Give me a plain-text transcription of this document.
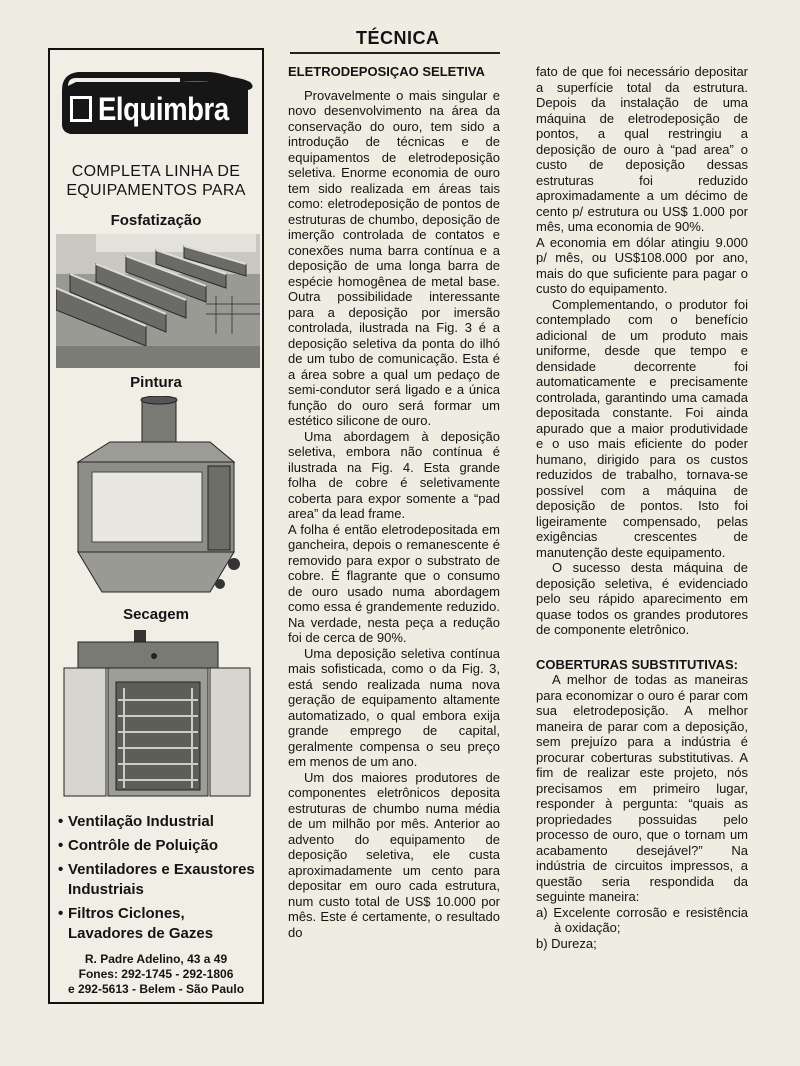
Elquimbra
COMPLETA LINHA DE EQUIPAMENTOS PARA
Fosfatização
Pintura
Secagem
• Ventilação Industrial
• Contrôle de Poluição
• Ventiladores e Exaustores
Industriais
• Filtros Ciclones,
Lavadores de Gazes
R. Padre Adelino, 43 a 49
Fones: 292-1745 - 292-1806
e 292-5613 - Belem - São Paulo
TÉCNICA
ELETRODEPOSIÇAO SELETIVA

Provavelmente o mais singular e novo desenvolvimento na área da conservação do ouro, tem sido a introdução de técnicas e de equipamentos de eletrodeposição seletiva. Enorme economia de ouro tem sido realizada em áreas tais como: eletrodeposição de pontos de estruturas de chumbo, deposição de imerção controlada de contatos e conexões numa barra contínua e a deposição de uma longa barra de espécie homogênea de metal base. Outra possibilidade interessante para a deposição por imersão controlada, ilustrada na Fig. 3 é a deposição seletiva da ponta do ilhó de um tubo de comunicação. Esta é a área sobre a qual um pedaço de semi-condutor será ligado e a única função do ouro será formar um estético silicone de ouro.

Uma abordagem à deposição seletiva, embora não contínua é ilustrada na Fig. 4. Esta grande folha de cobre é seletivamente coberta para expor somente a “pad area” da lead frame.

A folha é então eletrodepositada em gancheira, depois o remanescente é removido para expor o substrato de cobre. É flagrante que o consumo de ouro usado numa abordagem como essa é grandemente reduzido. Na verdade, nesta peça a redução foi de cerca de 90%.

Uma deposição seletiva contínua mais sofisticada, como o da Fig. 3, está sendo realizada numa nova geração de equipamento altamente automatizado, o qual embora exija grande emprego de capital, geralmente compensa o seu preço em menos de um ano.

Um dos maiores produtores de componentes eletrônicos deposita estruturas de chumbo numa média de um milhão por mês. Anterior ao advento do equipamento de deposição seletiva, ele custa aproximadamente um cento para depositar em ouro cada estrutura, num custo total de US$ 10.000 por mês. Este é certamente, o resultado do

fato de que foi necessário depositar a superfície total da estrutura. Depois da instalação de uma máquina de eletrodeposição de pontos, a qual restringiu a deposição de ouro à “pad area” o custo de deposição dessas estruturas foi reduzido aproximadamente a um décimo de cento p/ estrutura ou US$ 1.000 por mês, uma economia de 90%.

A economia em dólar atingiu 9.000 p/ mês, ou US$108.000 por ano, mais do que suficiente para pagar o custo do equipamento.

Complementando, o produtor foi contemplado com o benefício adicional de um produto mais uniforme, desde que tempo e densidade decorrente foi automaticamente e precisamente controlada, garantindo uma camada depositada constante. Foi ainda apurado que a maior produtividade e o uso mais eficiente do poder humano, dirigido para os custos reduzidos de trabalho, tornava-se possível com a máquina de deposição de pontos. Isto foi ligeiramente compensado, pelas exigências crescentes de manutenção deste equipamento.

O sucesso desta máquina de deposição seletiva, é evidenciado pelo seu rápido aparecimento em quase todos os grandes produtores de componente eletrônico.

COBERTURAS SUBSTITUTIVAS:

A melhor de todas as maneiras para economizar o ouro é parar com sua eletrodeposição. A melhor maneira de parar com a deposição, sem prejuízo para a indústria é procurar coberturas substitutivas. A fim de realizar este projeto, nós precisamos em primeiro lugar, responder à pergunta: “quais as propriedades possuidas pelo processo de ouro, que o tornam um acabamento desejável?” Na indústria de circuitos impressos, a questão seria respondida da seguinte maneira:

a) Excelente corrosão e resistência à oxidação;

b) Dureza;
